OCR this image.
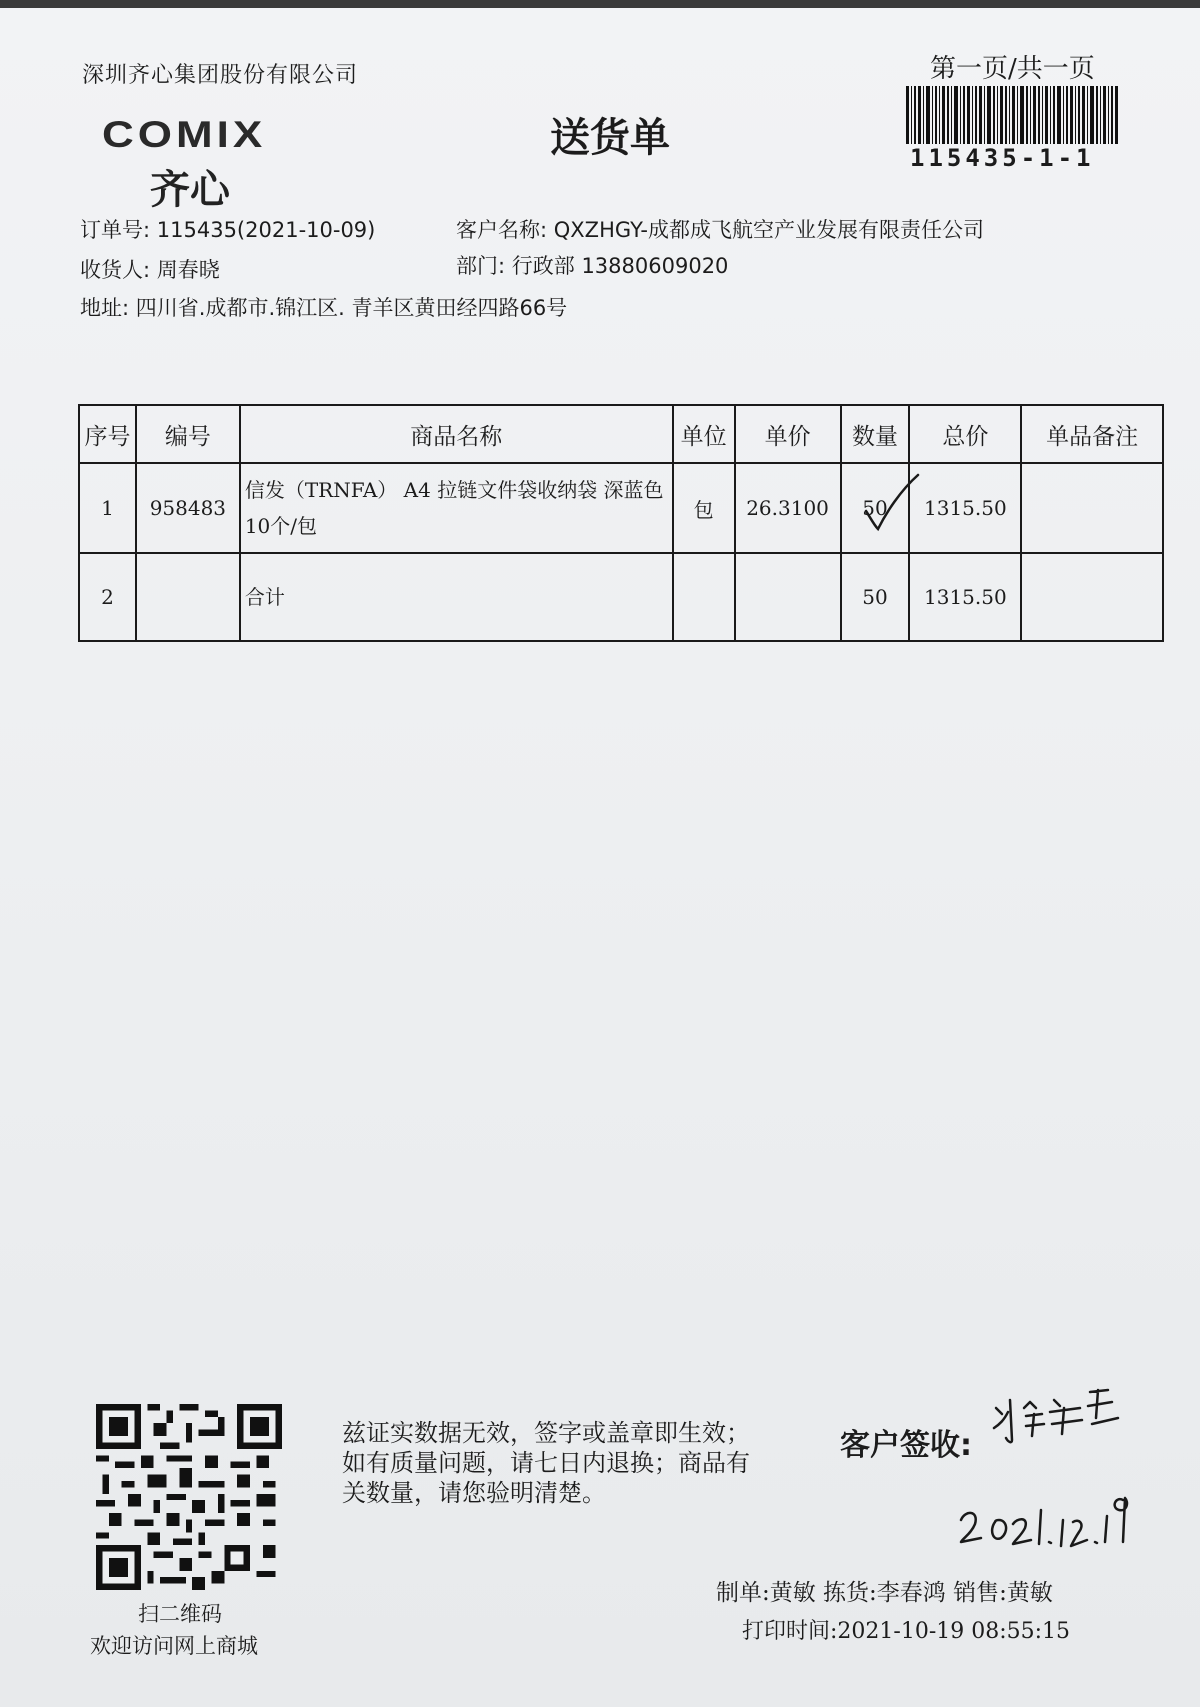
深圳齐心集团股份有限公司
COMIX
齐心
送货单
第一页/共一页
115435-1-1
订单号: 115435(2021-10-09)	客户名称: QXZHGY-成都成飞航空产业发展有限责任公司
收货人: 周春晓	部门: 行政部 13880609020
地址: 四川省.成都市.锦江区. 青羊区黄田经四路66号
序号	编号	商品名称	单位	单价	数量	总价	单品备注
1	958483	信发（TRNFA） A4 拉链文件袋收纳袋 深蓝色 10个/包	包	26.3100	50	1315.50	
2		合计			50	1315.50	
扫二维码
欢迎访问网上商城
兹证实数据无效，签字或盖章即生效；如有质量问题，请七日内退换；商品有关数量，请您验明清楚。
客户签收:
制单:黄敏 拣货:李春鸿 销售:黄敏
打印时间:2021-10-19 08:55:15
